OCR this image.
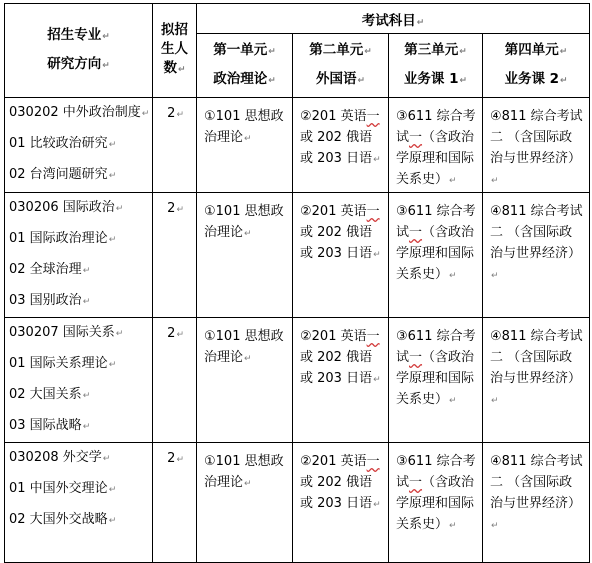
招生专业↵
研究方向↵	拟招
生人
数↵	考试科目↵			

		第一单元↵
政治理论↵	第二单元↵
外国语↵	第三单元↵
业务课 1↵	第四单元↵
业务课 2↵

030202 中外政治制度↵
01 比较政治研究↵
02 台湾问题研究↵	2↵	①101 思想政治理论↵	②201 英语一或 202 俄语或 203 日语↵	③611 综合考试一（含政治学原理和国际关系史）↵	④811 综合考试二 （含国际政治与世界经济）↵

030206 国际政治↵
01 国际政治理论↵
02 全球治理↵
03 国别政治↵	2↵	①101 思想政治理论↵	②201 英语一或 202 俄语或 203 日语↵	③611 综合考试一（含政治学原理和国际关系史）↵	④811 综合考试二 （含国际政治与世界经济）↵

030207 国际关系↵
01 国际关系理论↵
02 大国关系↵
03 国际战略↵	2↵	①101 思想政治理论↵	②201 英语一或 202 俄语或 203 日语↵	③611 综合考试一（含政治学原理和国际关系史）↵	④811 综合考试二 （含国际政治与世界经济）↵

030208 外交学↵
01 中国外交理论↵
02 大国外交战略↵	2↵	①101 思想政治理论↵	②201 英语一或 202 俄语或 203 日语↵	③611 综合考试一（含政治学原理和国际关系史）↵	④811 综合考试二 （含国际政治与世界经济）↵
